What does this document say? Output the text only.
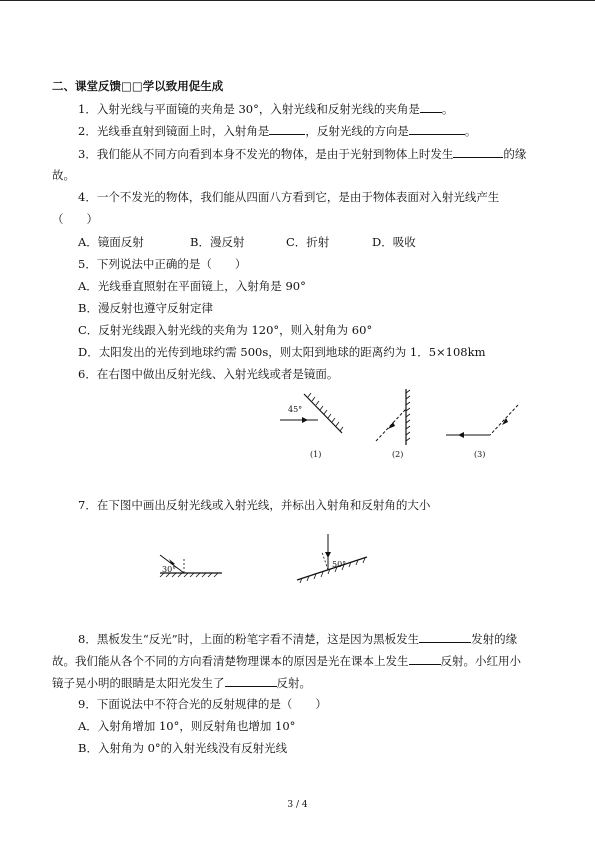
二、课堂反馈□□学以致用促生成
1．入射光线与平面镜的夹角是 30°，入射光线和反射光线的夹角是 。
2．光线垂直射到镜面上时，入射角是	，反射光线的方向是	。
3．我们能从不同方向看到本身不发光的物体，是由于光射到物体上时发生	的缘
故。
4．一个不发光的物体，我们能从四面八方看到它，是由于物体表面对入射光线产生
（　　）
A．镜面反射	B．漫反射	C．折射	D．吸收
5．下列说法中正确的是（　　）
A．光线垂直照射在平面镜上，入射角是 90°
B．漫反射也遵守反射定律
C．反射光线跟入射光线的夹角为 120°，则入射角为 60°
D．太阳发出的光传到地球约需 500s，则太阳到地球的距离约为 1．5×108km
6．在右图中做出反射光线、入射光线或者是镜面。
45°
(1)	(2)	(3)
7．在下图中画出反射光线或入射光线，并标出入射角和反射角的大小
30°
50°
8．黑板发生“反光”时，上面的粉笔字看不清楚，这是因为黑板发生	发射的缘
故。我们能从各个不同的方向看清楚物理课本的原因是光在课本上发生	反射。小红用小
镜子晃小明的眼睛是太阳光发生了	反射。
9．下面说法中不符合光的反射规律的是（　　）
A．入射角增加 10°，则反射角也增加 10°
B．入射角为 0°的入射光线没有反射光线
3 / 4
